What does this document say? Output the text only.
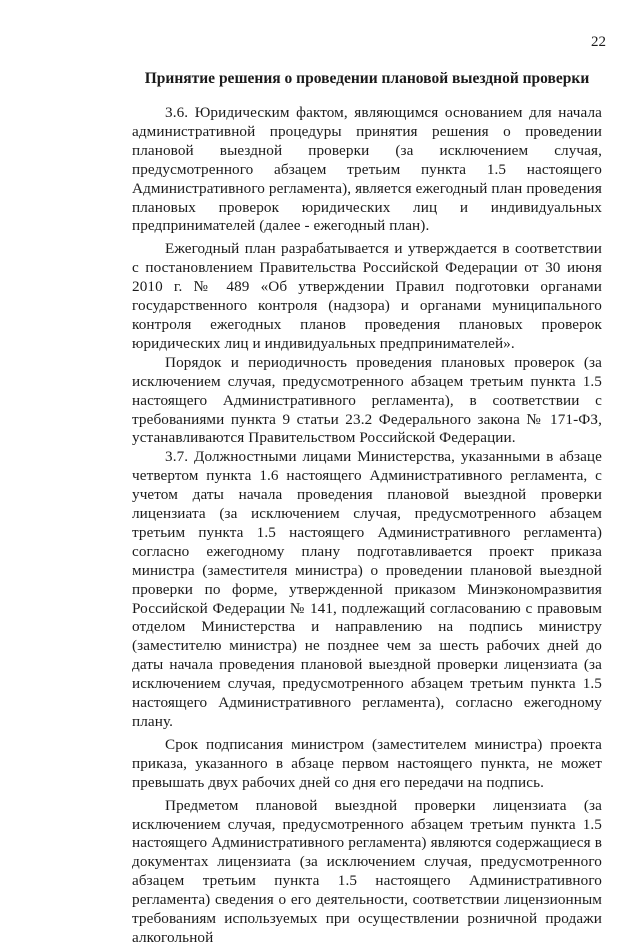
22
Принятие решения о проведении плановой выездной проверки

3.6. Юридическим фактом, являющимся основанием для начала административной процедуры принятия решения о проведении плановой выездной проверки (за исключением случая, предусмотренного абзацем третьим пункта 1.5 настоящего Административного регламента), является ежегодный план проведения плановых проверок юридических лиц и индивидуальных предпринимателей (далее - ежегодный план).

Ежегодный план разрабатывается и утверждается в соответствии с постановлением Правительства Российской Федерации от 30 июня 2010 г. № 489 «Об утверждении Правил подготовки органами государственного контроля (надзора) и органами муниципального контроля ежегодных планов проведения плановых проверок юридических лиц и индивидуальных предпринимателей».

Порядок и периодичность проведения плановых проверок (за исключением случая, предусмотренного абзацем третьим пункта 1.5 настоящего Административного регламента), в соответствии с требованиями пункта 9 статьи 23.2 Федерального закона № 171-ФЗ, устанавливаются Правительством Российской Федерации.

3.7. Должностными лицами Министерства, указанными в абзаце четвертом пункта 1.6 настоящего Административного регламента, с учетом даты начала проведения плановой выездной проверки лицензиата (за исключением случая, предусмотренного абзацем третьим пункта 1.5 настоящего Административного регламента) согласно ежегодному плану подготавливается проект приказа министра (заместителя министра) о проведении плановой выездной проверки по форме, утвержденной приказом Минэкономразвития Российской Федерации № 141, подлежащий согласованию с правовым отделом Министерства и направлению на подпись министру (заместителю министра) не позднее чем за шесть рабочих дней до даты начала проведения плановой выездной проверки лицензиата (за исключением случая, предусмотренного абзацем третьим пункта 1.5 настоящего Административного регламента), согласно ежегодному плану.

Срок подписания министром (заместителем министра) проекта приказа, указанного в абзаце первом настоящего пункта, не может превышать двух рабочих дней со дня его передачи на подпись.

Предметом плановой выездной проверки лицензиата (за исключением случая, предусмотренного абзацем третьим пункта 1.5 настоящего Административного регламента) являются содержащиеся в документах лицензиата (за исключением случая, предусмотренного абзацем третьим пункта 1.5 настоящего Административного регламента) сведения о его деятельности, соответствии лицензионным требованиям используемых при осуществлении розничной продажи алкогольной
